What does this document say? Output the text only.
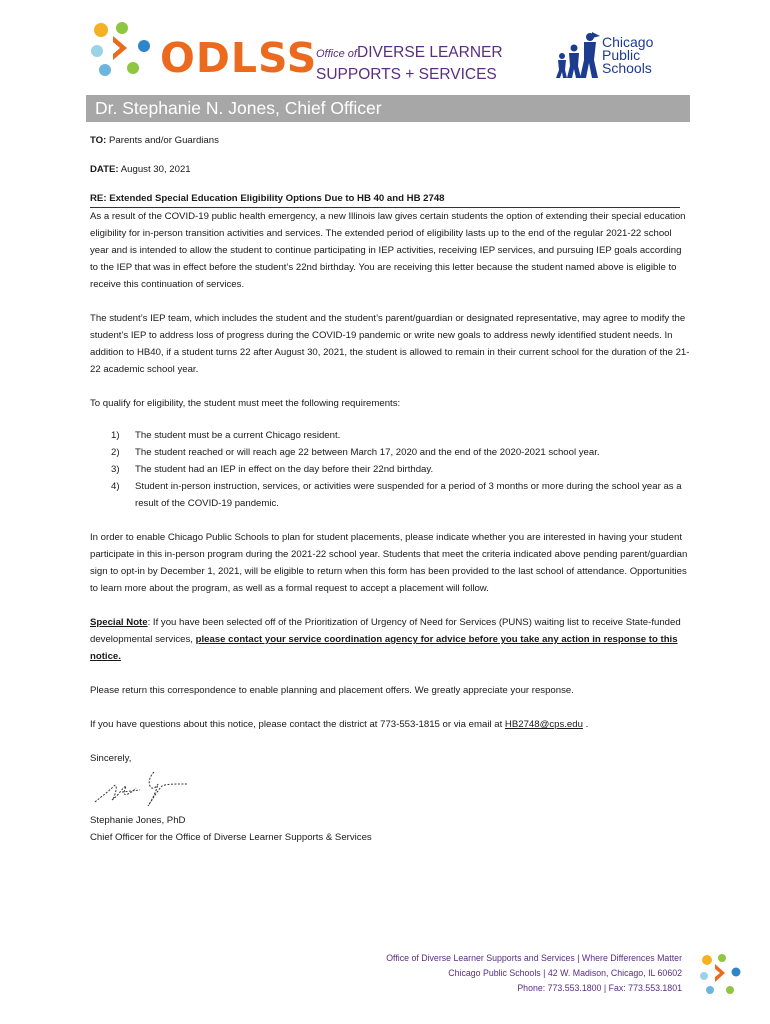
ODLSS
Office of DIVERSE LEARNER
SUPPORTS + SERVICES
Chicago
Public
Schools
Dr. Stephanie N. Jones, Chief Officer

TO: Parents and/or Guardians

DATE: August 30, 2021

RE: Extended Special Education Eligibility Options Due to HB 40 and HB 2748

As a result of the COVID-19 public health emergency, a new Illinois law gives certain students the option of extending their special education eligibility for in-person transition activities and services. The extended period of eligibility lasts up to the end of the regular 2021-22 school year and is intended to allow the student to continue participating in IEP activities, receiving IEP services, and pursuing IEP goals according to the IEP that was in effect before the student’s 22nd birthday. You are receiving this letter because the student named above is eligible to receive this continuation of services.

The student’s IEP team, which includes the student and the student’s parent/guardian or designated representative, may agree to modify the student’s IEP to address loss of progress during the COVID-19 pandemic or write new goals to address newly identified student needs. In addition to HB40, if a student turns 22 after August 30, 2021, the student is allowed to remain in their current school for the duration of the 21-22 academic school year.

To qualify for eligibility, the student must meet the following requirements:

1) The student must be a current Chicago resident.
2) The student reached or will reach age 22 between March 17, 2020 and the end of the 2020-2021 school year.
3) The student had an IEP in effect on the day before their 22nd birthday.
4) Student in-person instruction, services, or activities were suspended for a period of 3 months or more during the school year as a result of the COVID-19 pandemic.

In order to enable Chicago Public Schools to plan for student placements, please indicate whether you are interested in having your student participate in this in-person program during the 2021-22 school year. Students that meet the criteria indicated above pending parent/guardian sign to opt-in by December 1, 2021, will be eligible to return when this form has been provided to the last school of attendance. Opportunities to learn more about the program, as well as a formal request to accept a placement will follow.

Special Note: If you have been selected off of the Prioritization of Urgency of Need for Services (PUNS) waiting list to receive State-funded developmental services, please contact your service coordination agency for advice before you take any action in response to this notice.

Please return this correspondence to enable planning and placement offers. We greatly appreciate your response.

If you have questions about this notice, please contact the district at 773-553-1815 or via email at HB2748@cps.edu .

Sincerely,

Stephanie Jones, PhD
Chief Officer for the Office of Diverse Learner Supports & Services
Office of Diverse Learner Supports and Services | Where Differences Matter
Chicago Public Schools | 42 W. Madison, Chicago, IL 60602
Phone: 773.553.1800 | Fax: 773.553.1801
